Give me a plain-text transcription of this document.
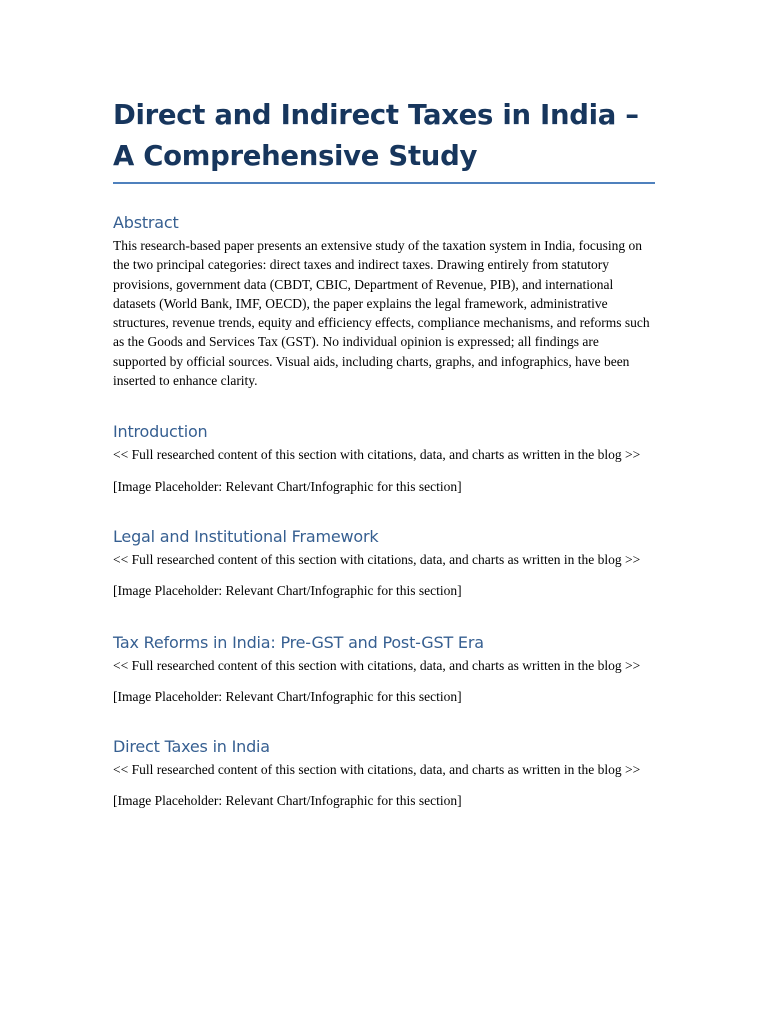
Direct and Indirect Taxes in India – A Comprehensive Study
Abstract

This research-based paper presents an extensive study of the taxation system in India, focusing on the two principal categories: direct taxes and indirect taxes. Drawing entirely from statutory provisions, government data (CBDT, CBIC, Department of Revenue, PIB), and international datasets (World Bank, IMF, OECD), the paper explains the legal framework, administrative structures, revenue trends, equity and efficiency effects, compliance mechanisms, and reforms such as the Goods and Services Tax (GST). No individual opinion is expressed; all findings are supported by official sources. Visual aids, including charts, graphs, and infographics, have been inserted to enhance clarity.

Introduction

<< Full researched content of this section with citations, data, and charts as written in the blog >>

[Image Placeholder: Relevant Chart/Infographic for this section]

Legal and Institutional Framework

<< Full researched content of this section with citations, data, and charts as written in the blog >>

[Image Placeholder: Relevant Chart/Infographic for this section]

Tax Reforms in India: Pre-GST and Post-GST Era

<< Full researched content of this section with citations, data, and charts as written in the blog >>

[Image Placeholder: Relevant Chart/Infographic for this section]

Direct Taxes in India

<< Full researched content of this section with citations, data, and charts as written in the blog >>

[Image Placeholder: Relevant Chart/Infographic for this section]
